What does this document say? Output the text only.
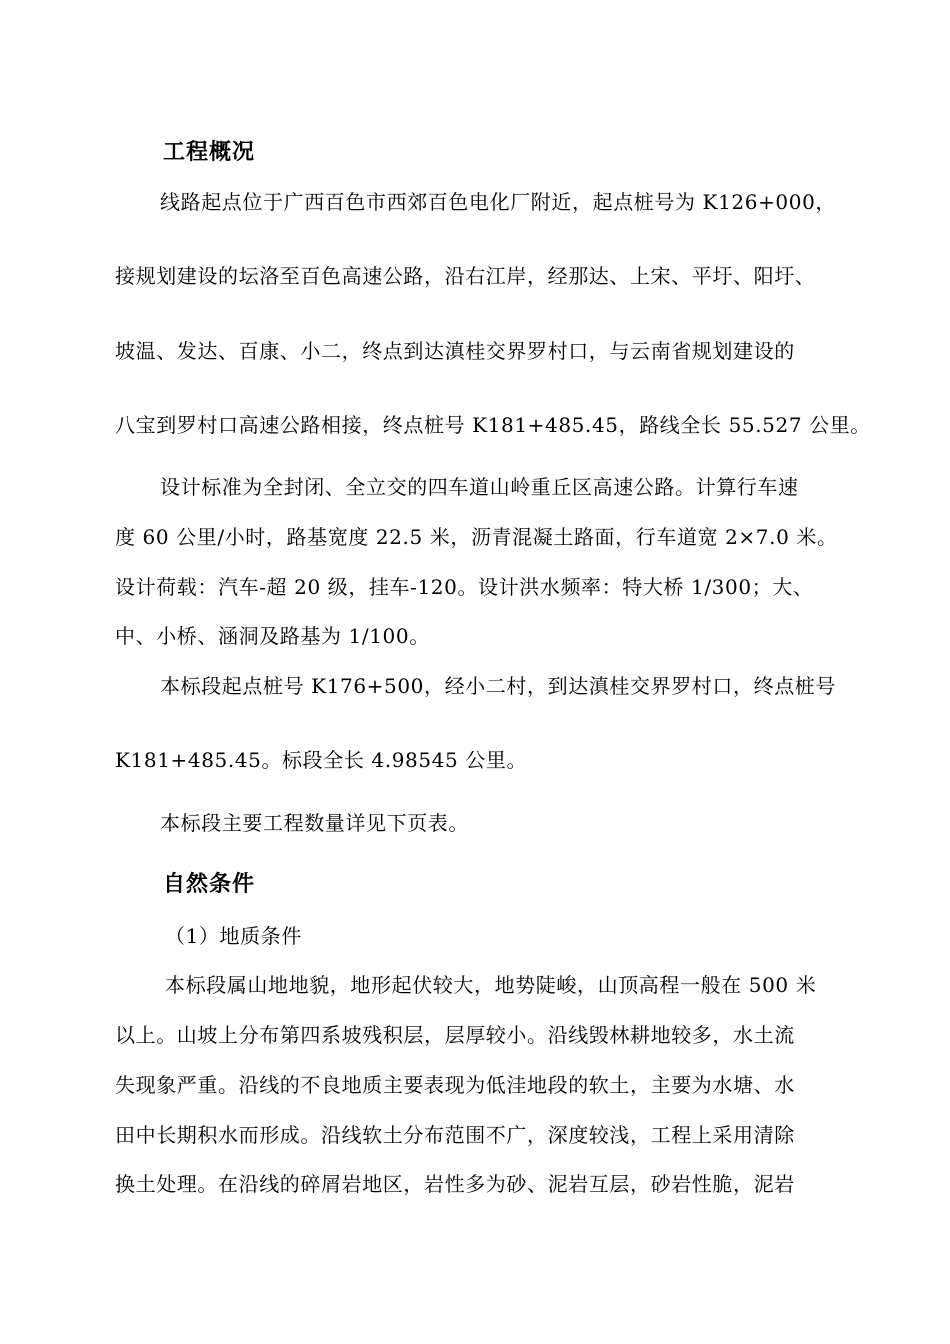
工程概况
线路起点位于广西百色市西郊百色电化厂附近，起点桩号为 K126+000，
接规划建设的坛洛至百色高速公路，沿右江岸，经那达、上宋、平圩、阳圩、
坡温、发达、百康、小二，终点到达滇桂交界罗村口，与云南省规划建设的
八宝到罗村口高速公路相接，终点桩号 K181+485.45，路线全长 55.527 公里。
设计标准为全封闭、全立交的四车道山岭重丘区高速公路。计算行车速
度 60 公里/小时，路基宽度 22.5 米，沥青混凝土路面，行车道宽 2×7.0 米。
设计荷载：汽车-超 20 级，挂车-120。设计洪水频率：特大桥 1/300；大、
中、小桥、涵洞及路基为 1/100。
本标段起点桩号 K176+500，经小二村，到达滇桂交界罗村口，终点桩号
K181+485.45。标段全长 4.98545 公里。
本标段主要工程数量详见下页表。
自然条件
（1）地质条件
本标段属山地地貌，地形起伏较大，地势陡峻，山顶高程一般在 500 米
以上。山坡上分布第四系坡残积层，层厚较小。沿线毁林耕地较多，水土流
失现象严重。沿线的不良地质主要表现为低洼地段的软土，主要为水塘、水
田中长期积水而形成。沿线软土分布范围不广，深度较浅，工程上采用清除
换土处理。在沿线的碎屑岩地区，岩性多为砂、泥岩互层，砂岩性脆，泥岩
